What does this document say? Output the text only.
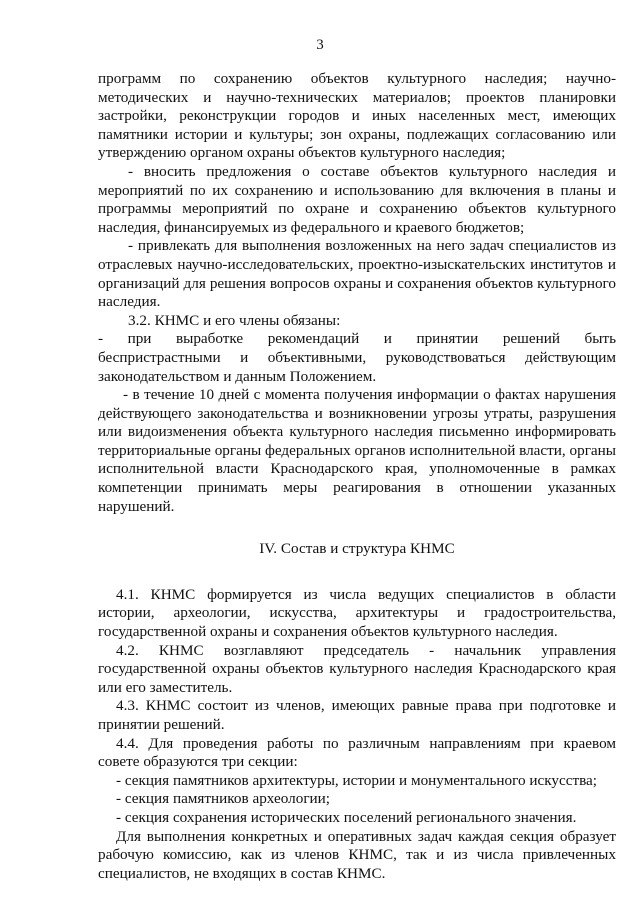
3
программ по сохранению объектов культурного наследия; научно-
методических и научно-технических материалов; проектов планировки
застройки, реконструкции городов и иных населенных мест, имеющих
памятники истории и культуры; зон охраны, подлежащих согласованию или
утверждению органом охраны объектов культурного наследия;
- вносить предложения о составе объектов культурного наследия и
мероприятий по их сохранению и использованию для включения в планы и
программы мероприятий по охране и сохранению объектов культурного
наследия, финансируемых из федерального и краевого бюджетов;
- привлекать для выполнения возложенных на него задач специалистов из
отраслевых научно-исследовательских, проектно-изыскательских институтов и
организаций для решения вопросов охраны и сохранения объектов культурного
наследия.
3.2. КНМС и его члены обязаны:
- при выработке рекомендаций и принятии решений быть
беспристрастными и объективными, руководствоваться действующим
законодательством и данным Положением.
- в течение 10 дней с момента получения информации о фактах нарушения
действующего законодательства и возникновении угрозы утраты, разрушения
или видоизменения объекта культурного наследия письменно информировать
территориальные органы федеральных органов исполнительной власти, органы
исполнительной власти Краснодарского края, уполномоченные в рамках
компетенции принимать меры реагирования в отношении указанных
нарушений.
IV. Состав и структура КНМС
4.1. КНМС формируется из числа ведущих специалистов в области
истории, археологии, искусства, архитектуры и градостроительства,
государственной охраны и сохранения объектов культурного наследия.
4.2. КНМС возглавляют председатель - начальник управления
государственной охраны объектов культурного наследия Краснодарского края
или его заместитель.
4.3. КНМС состоит из членов, имеющих равные права при подготовке и
принятии решений.
4.4. Для проведения работы по различным направлениям при краевом
совете образуются три секции:
- секция памятников архитектуры, истории и монументального искусства;
- секция памятников археологии;
- секция сохранения исторических поселений регионального значения.
Для выполнения конкретных и оперативных задач каждая секция образует
рабочую комиссию, как из членов КНМС, так и из числа привлеченных
специалистов, не входящих в состав КНМС.
